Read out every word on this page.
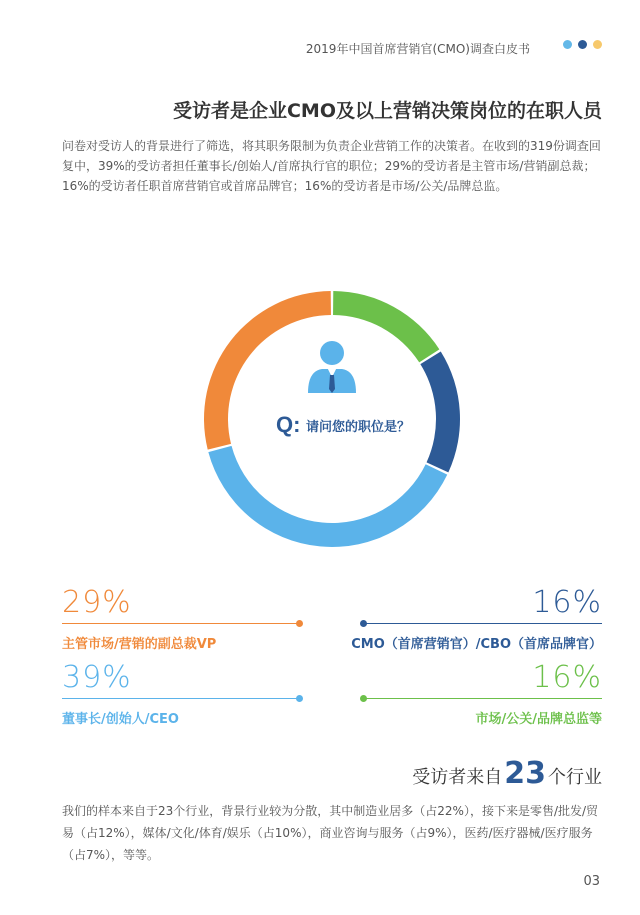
2019年中国首席营销官(CMO)调查白皮书
受访者是企业CMO及以上营销决策岗位的在职人员
问卷对受访人的背景进行了筛选，将其职务限制为负责企业营销工作的决策者。在收到的319份调查回复中，39%的受访者担任董事长/创始人/首席执行官的职位；29%的受访者是主管市场/营销副总裁；16%的受访者任职首席营销官或首席品牌官；16%的受访者是市场/公关/品牌总监。
Q: 请问您的职位是？
29%
主管市场/营销的副总裁VP
16%
CMO（首席营销官）/CBO（首席品牌官）
39%
董事长/创始人/CEO
16%
市场/公关/品牌总监等
受访者来自 23 个行业
我们的样本来自于23个行业，背景行业较为分散，其中制造业居多（占22%），接下来是零售/批发/贸易（占12%），媒体/文化/体育/娱乐（占10%），商业咨询与服务（占9%），医药/医疗器械/医疗服务（占7%），等等。
03
